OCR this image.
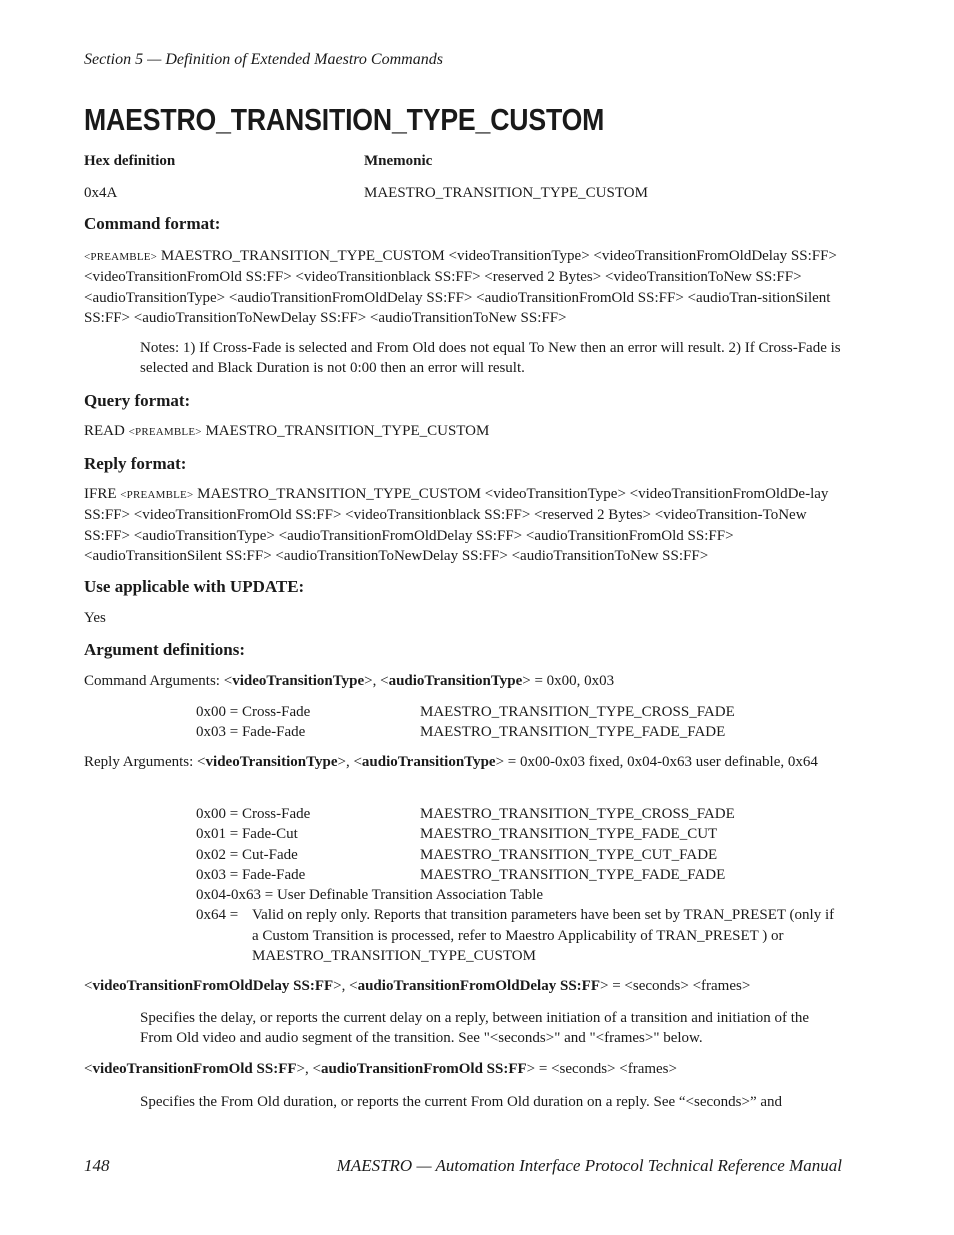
Section 5 — Definition of Extended Maestro Commands
MAESTRO_TRANSITION_TYPE_CUSTOM
Hex definition	Mnemonic
0x4A	MAESTRO_TRANSITION_TYPE_CUSTOM
Command format:
<PREAMBLE> MAESTRO_TRANSITION_TYPE_CUSTOM <videoTransitionType> <videoTransitionFromOldDelay SS:FF> <videoTransitionFromOld SS:FF> <videoTransitionblack SS:FF> <reserved 2 Bytes> <videoTransitionToNew SS:FF> <audioTransitionType> <audioTransitionFromOldDelay SS:FF> <audioTransitionFromOld SS:FF> <audioTran-sitionSilent SS:FF> <audioTransitionToNewDelay SS:FF> <audioTransitionToNew SS:FF>
Notes: 1) If Cross-Fade is selected and From Old does not equal To New then an error will result. 2) If Cross-Fade is selected and Black Duration is not 0:00 then an error will result.
Query format:
READ <PREAMBLE> MAESTRO_TRANSITION_TYPE_CUSTOM
Reply format:
IFRE <PREAMBLE> MAESTRO_TRANSITION_TYPE_CUSTOM <videoTransitionType> <videoTransitionFromOldDe-lay SS:FF> <videoTransitionFromOld SS:FF> <videoTransitionblack SS:FF> <reserved 2 Bytes> <videoTransition-ToNew SS:FF> <audioTransitionType> <audioTransitionFromOldDelay SS:FF> <audioTransitionFromOld SS:FF> <audioTransitionSilent SS:FF> <audioTransitionToNewDelay SS:FF> <audioTransitionToNew SS:FF>
Use applicable with UPDATE:
Yes
Argument definitions:
Command Arguments: <videoTransitionType>, <audioTransitionType> = 0x00, 0x03
0x00 = Cross-Fade	MAESTRO_TRANSITION_TYPE_CROSS_FADE
0x03 = Fade-Fade	MAESTRO_TRANSITION_TYPE_FADE_FADE
Reply Arguments: <videoTransitionType>, <audioTransitionType> = 0x00-0x03 fixed, 0x04-0x63 user definable, 0x64
0x00 = Cross-Fade	MAESTRO_TRANSITION_TYPE_CROSS_FADE
0x01 = Fade-Cut	MAESTRO_TRANSITION_TYPE_FADE_CUT
0x02 = Cut-Fade	MAESTRO_TRANSITION_TYPE_CUT_FADE
0x03 = Fade-Fade	MAESTRO_TRANSITION_TYPE_FADE_FADE
0x04-0x63 = User Definable Transition Association Table
0x64 = Valid on reply only. Reports that transition parameters have been set by TRAN_PRESET (only if a Custom Transition is processed, refer to Maestro Applicability of TRAN_PRESET ) or MAESTRO_TRANSITION_TYPE_CUSTOM
<videoTransitionFromOldDelay SS:FF>, <audioTransitionFromOldDelay SS:FF> = <seconds> <frames>
Specifies the delay, or reports the current delay on a reply, between initiation of a transition and initiation of the From Old video and audio segment of the transition. See "<seconds>" and "<frames>" below.
<videoTransitionFromOld SS:FF>, <audioTransitionFromOld SS:FF> = <seconds> <frames>
Specifies the From Old duration, or reports the current From Old duration on a reply. See “<seconds>” and
148	MAESTRO — Automation Interface Protocol Technical Reference Manual
